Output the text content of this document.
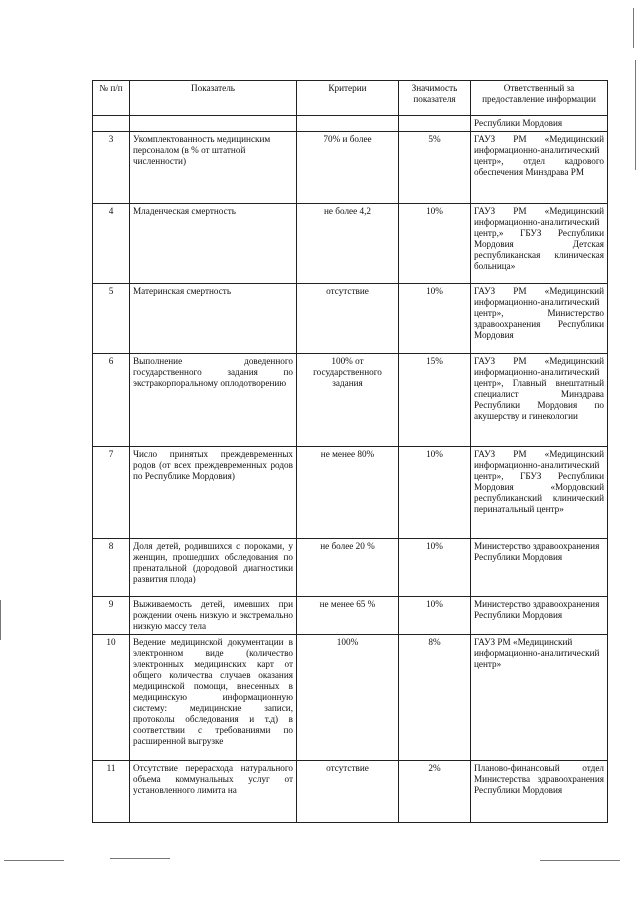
№ п/п	Показатель	Критерии	Значимость показателя	Ответственный за предоставление информации
				Республики Мордовия
3	Укомплектованность медицинским персоналом (в % от штатной численности)	70% и более	5%	ГАУЗ РМ «Медицинский информационно-аналитический центр», отдел кадрового обеспечения Минздрава РМ
4	Младенческая смертность	не более 4,2	10%	ГАУЗ РМ «Медицинский информационно-аналитический центр,» ГБУЗ Республики Мордовия Детская республиканская клиническая больница»
5	Материнская смертность	отсутствие	10%	ГАУЗ РМ «Медицинский информационно-аналитический центр», Министерство здравоохранения Республики Мордовия
6	Выполнение доведенного государственного задания по экстракорпоральному оплодотворению	100% от государственного задания	15%	ГАУЗ РМ «Медицинский информационно-аналитический центр», Главный внештатный специалист Минздрава Республики Мордовия по акушерству и гинекологии
7	Число принятых преждевременных родов (от всех преждевременных родов по Республике Мордовия)	не менее 80%	10%	ГАУЗ РМ «Медицинский информационно-аналитический центр», ГБУЗ Республики Мордовия «Мордовский республиканский клинический перинатальный центр»
8	Доля детей, родившихся с пороками, у женщин, прошедших обследования по пренатальной (дородовой диагностики развития плода)	не более 20 %	10%	Министерство здравоохранения Республики Мордовия
9	Выживаемость детей, имевших при рождении очень низкую и экстремально низкую массу тела	не менее 65 %	10%	Министерство здравоохранения Республики Мордовия
10	Ведение медицинской документации в электронном виде (количество электронных медицинских карт от общего количества случаев оказания медицинской помощи, внесенных в медицинскую информационную систему: медицинские записи, протоколы обследования и т.д) в соответствии с требованиями по расширенной выгрузке	100%	8%	ГАУЗ РМ «Медицинский информационно-аналитический центр»
11	Отсутствие перерасхода натурального объема коммунальных услуг от установленного лимита на	отсутствие	2%	Планово-финансовый отдел Министерства здравоохранения Республики Мордовия
